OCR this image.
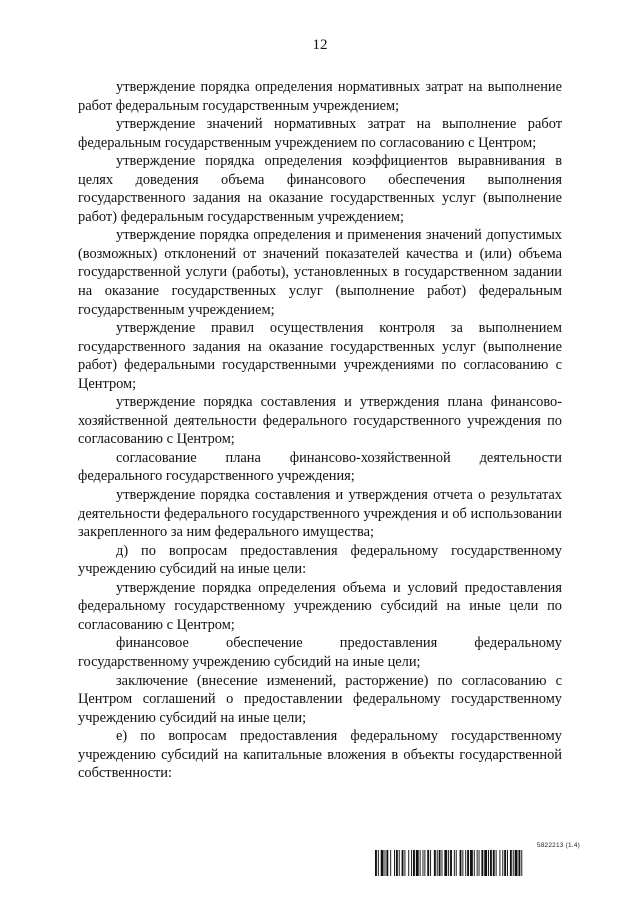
12

утверждение порядка определения нормативных затрат на выполнение работ федеральным государственным учреждением;

утверждение значений нормативных затрат на выполнение работ федеральным государственным учреждением по согласованию с Центром;

утверждение порядка определения коэффициентов выравнивания в целях доведения объема финансового обеспечения выполнения государственного задания на оказание государственных услуг (выполнение работ) федеральным государственным учреждением;

утверждение порядка определения и применения значений допустимых (возможных) отклонений от значений показателей качества и (или) объема государственной услуги (работы), установленных в государственном задании на оказание государственных услуг (выполнение работ) федеральным государственным учреждением;

утверждение правил осуществления контроля за выполнением государственного задания на оказание государственных услуг (выполнение работ) федеральными государственными учреждениями по согласованию с Центром;

утверждение порядка составления и утверждения плана финансово-хозяйственной деятельности федерального государственного учреждения по согласованию с Центром;

согласование плана финансово-хозяйственной деятельности федерального государственного учреждения;

утверждение порядка составления и утверждения отчета о результатах деятельности федерального государственного учреждения и об использовании закрепленного за ним федерального имущества;

д) по вопросам предоставления федеральному государственному учреждению субсидий на иные цели:

утверждение порядка определения объема и условий предоставления федеральному государственному учреждению субсидий на иные цели по согласованию с Центром;

финансовое обеспечение предоставления федеральному государственному учреждению субсидий на иные цели;

заключение (внесение изменений, расторжение) по согласованию с Центром соглашений о предоставлении федеральному государственному учреждению субсидий на иные цели;

е) по вопросам предоставления федеральному государственному учреждению субсидий на капитальные вложения в объекты государственной собственности:

5822213 (1.4)
